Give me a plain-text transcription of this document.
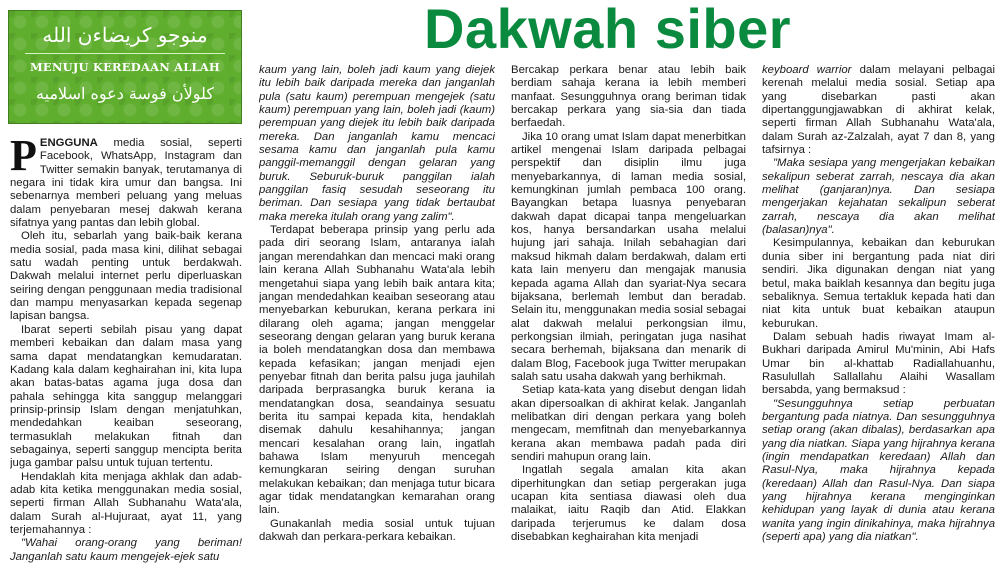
منوجو كريضاءن الله
MENUJU KEREDAAN ALLAH
كلولأن فوسة دعوه اسلاميه
Dakwah siber

PENGGUNA media sosial, seperti Facebook, WhatsApp, Instagram dan Twitter semakin banyak, terutamanya di negara ini tidak kira umur dan bangsa. Ini sebenarnya memberi peluang yang meluas dalam penyebaran mesej dakwah kerana sifatnya yang pantas dan lebih global.

Oleh itu, sebarlah yang baik-baik kerana media sosial, pada masa kini, dilihat sebagai satu wadah penting untuk berdakwah. Dakwah melalui internet perlu diperluaskan seiring dengan penggunaan media tradisional dan mampu menyasarkan kepada segenap lapisan bangsa.

Ibarat seperti sebilah pisau yang dapat memberi kebaikan dan dalam masa yang sama dapat mendatangkan kemudaratan. Kadang kala dalam keghairahan ini, kita lupa akan batas-batas agama juga dosa dan pahala sehingga kita sanggup melanggari prinsip-prinsip Islam dengan menjatuhkan, mendedahkan keaiban seseorang, termasuklah melakukan fitnah dan sebagainya, seperti sanggup mencipta berita juga gambar palsu untuk tujuan tertentu.

Hendaklah kita menjaga akhlak dan adab-adab kita ketika menggunakan media sosial, seperti firman Allah Subhanahu Wata'ala, dalam Surah al-Hujuraat, ayat 11, yang terjemahannya :

"Wahai orang-orang yang beriman! Janganlah satu kaum mengejek-ejek satu

kaum yang lain, boleh jadi kaum yang diejek itu lebih baik daripada mereka dan janganlah pula (satu kaum) perempuan mengejek (satu kaum) perempuan yang lain, boleh jadi (kaum) perempuan yang diejek itu lebih baik daripada mereka. Dan janganlah kamu mencaci sesama kamu dan janganlah pula kamu panggil-memanggil dengan gelaran yang buruk. Seburuk-buruk panggilan ialah panggilan fasiq sesudah seseorang itu beriman. Dan sesiapa yang tidak bertaubat maka mereka itulah orang yang zalim".

Terdapat beberapa prinsip yang perlu ada pada diri seorang Islam, antaranya ialah jangan merendahkan dan mencaci maki orang lain kerana Allah Subhanahu Wata'ala lebih mengetahui siapa yang lebih baik antara kita; jangan mendedahkan keaiban seseorang atau menyebarkan keburukan, kerana perkara ini dilarang oleh agama; jangan menggelar seseorang dengan gelaran yang buruk kerana ia boleh mendatangkan dosa dan membawa kepada kefasikan; jangan menjadi ejen penyebar fitnah dan berita palsu juga jauhilah daripada berprasangka buruk kerana ia mendatangkan dosa, seandainya sesuatu berita itu sampai kepada kita, hendaklah disemak dahulu kesahihannya; jangan mencari kesalahan orang lain, ingatlah bahawa Islam menyuruh mencegah kemungkaran seiring dengan suruhan melakukan kebaikan; dan menjaga tutur bicara agar tidak mendatangkan kemarahan orang lain.

Gunakanlah media sosial untuk tujuan dakwah dan perkara-perkara kebaikan.

Bercakap perkara benar atau lebih baik berdiam sahaja kerana ia lebih memberi manfaat. Sesungguhnya orang beriman tidak bercakap perkara yang sia-sia dan tiada berfaedah.

Jika 10 orang umat Islam dapat menerbitkan artikel mengenai Islam daripada pelbagai perspektif dan disiplin ilmu juga menyebarkannya, di laman media sosial, kemungkinan jumlah pembaca 100 orang. Bayangkan betapa luasnya penyebaran dakwah dapat dicapai tanpa mengeluarkan kos, hanya bersandarkan usaha melalui hujung jari sahaja. Inilah sebahagian dari maksud hikmah dalam berdakwah, dalam erti kata lain menyeru dan mengajak manusia kepada agama Allah dan syariat-Nya secara bijaksana, berlemah lembut dan beradab. Selain itu, menggunakan media sosial sebagai alat dakwah melalui perkongsian ilmu, perkongsian ilmiah, peringatan juga nasihat secara berhemah, bijaksana dan menarik di dalam Blog, Facebook juga Twitter merupakan salah satu usaha dakwah yang berhikmah.

Setiap kata-kata yang disebut dengan lidah akan dipersoalkan di akhirat kelak. Janganlah melibatkan diri dengan perkara yang boleh mengecam, memfitnah dan menyebarkannya kerana akan membawa padah pada diri sendiri mahupun orang lain.

Ingatlah segala amalan kita akan diperhitungkan dan setiap pergerakan juga ucapan kita sentiasa diawasi oleh dua malaikat, iaitu Raqib dan Atid. Elakkan daripada terjerumus ke dalam dosa disebabkan keghairahan kita menjadi

keyboard warrior dalam melayani pelbagai kerenah melalui media sosial. Setiap apa yang disebarkan pasti akan dipertanggungjawabkan di akhirat kelak, seperti firman Allah Subhanahu Wata'ala, dalam Surah az-Zalzalah, ayat 7 dan 8, yang tafsirnya :

"Maka sesiapa yang mengerjakan kebaikan sekalipun seberat zarrah, nescaya dia akan melihat (ganjaran)nya. Dan sesiapa mengerjakan kejahatan sekalipun seberat zarrah, nescaya dia akan melihat (balasan)nya".

Kesimpulannya, kebaikan dan keburukan dunia siber ini bergantung pada niat diri sendiri. Jika digunakan dengan niat yang betul, maka baiklah kesannya dan begitu juga sebaliknya. Semua tertakluk kepada hati dan niat kita untuk buat kebaikan ataupun keburukan.

Dalam sebuah hadis riwayat Imam al-Bukhari daripada Amirul Mu'minin, Abi Hafs Umar bin al-khattab Radiallahuanhu, Rasulullah Sallallahu Alaihi Wasallam bersabda, yang bermaksud :

"Sesungguhnya setiap perbuatan bergantung pada niatnya. Dan sesungguhnya setiap orang (akan dibalas), berdasarkan apa yang dia niatkan. Siapa yang hijrahnya kerana (ingin mendapatkan keredaan) Allah dan Rasul-Nya, maka hijrahnya kepada (keredaan) Allah dan Rasul-Nya. Dan siapa yang hijrahnya kerana menginginkan kehidupan yang layak di dunia atau kerana wanita yang ingin dinikahinya, maka hijrahnya (seperti apa) yang dia niatkan".
